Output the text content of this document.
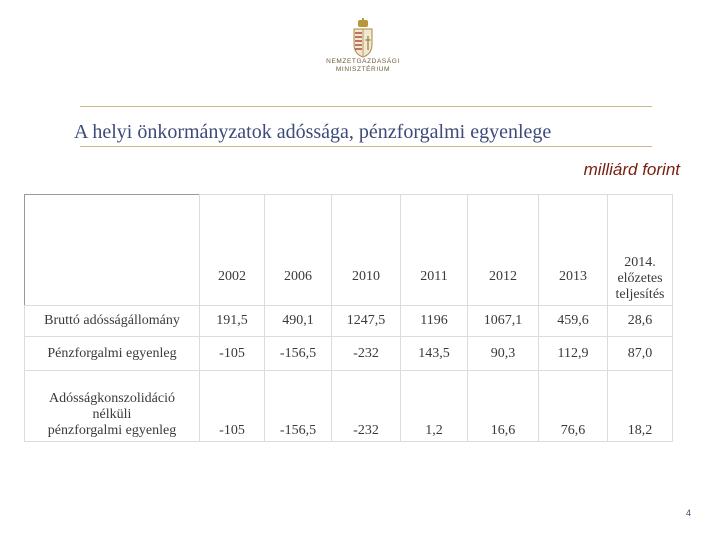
NEMZETGAZDASÁGI
MINISZTÉRIUM
A helyi önkormányzatok adóssága, pénzforgalmi egyenlege
milliárd forint
	2002	2006	2010	2011	2012	2013	2014.
előzetes
teljesítés
Bruttó adósságállomány	191,5	490,1	1247,5	1196	1067,1	459,6	28,6
Pénzforgalmi egyenleg	-105	-156,5	-232	143,5	90,3	112,9	87,0
Adósságkonszolidáció
nélküli
pénzforgalmi egyenleg	-105	-156,5	-232	1,2	16,6	76,6	18,2
4
